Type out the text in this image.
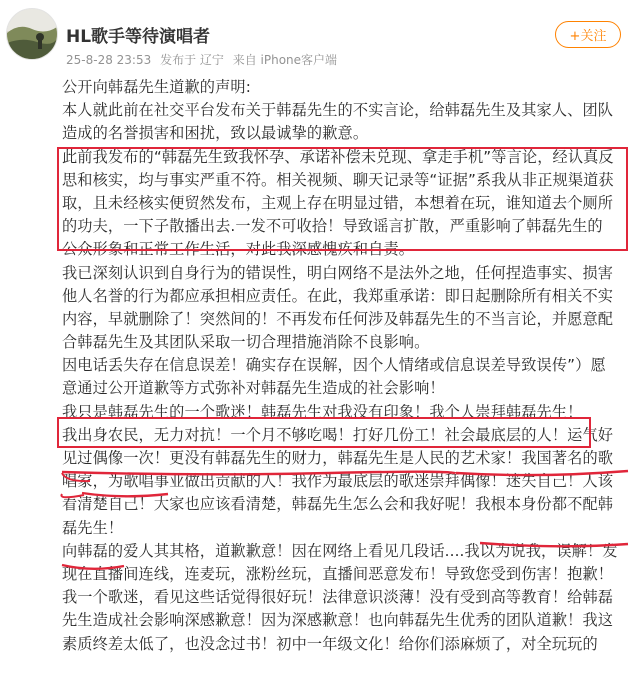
HL歌手等待演唱者
25-8-28 23:53 发布于 辽宁 来自 iPhone客户端
+关注
公开向韩磊先生道歉的声明:
本人就此前在社交平台发布关于韩磊先生的不实言论，给韩磊先生及其家人、团队
造成的名誉损害和困扰，致以最诚挚的歉意。
此前我发布的“韩磊先生致我怀孕、承诺补偿未兑现、拿走手机”等言论，经认真反
思和核实，均与事实严重不符。相关视频、聊天记录等“证据”系我从非正规渠道获
取，且未经核实便贸然发布，主观上存在明显过错，本想着在玩，谁知道去个厕所
的功夫，一下子散播出去.一发不可收拾！导致谣言扩散，严重影响了韩磊先生的
公众形象和正常工作生活，对此我深感愧疚和自责。
我已深刻认识到自身行为的错误性，明白网络不是法外之地，任何捏造事实、损害
他人名誉的行为都应承担相应责任。在此，我郑重承诺：即日起删除所有相关不实
内容，早就删除了！突然间的！不再发布任何涉及韩磊先生的不当言论，并愿意配
合韩磊先生及其团队采取一切合理措施消除不良影响。
因电话丢失存在信息误差！确实存在误解，因个人情绪或信息误差导致误传”）愿
意通过公开道歉等方式弥补对韩磊先生造成的社会影响！
我只是韩磊先生的一个歌迷！韩磊先生对我没有印象！我个人崇拜韩磊先生！
我出身农民，无力对抗！一个月不够吃喝！打好几份工！社会最底层的人！运气好
见过偶像一次！更没有韩磊先生的财力，韩磊先生是人民的艺术家！我国著名的歌
唱家，为歌唱事业做出贡献的人！我作为最底层的歌迷崇拜偶像！迷失自己！人该
看清楚自己！大家也应该看清楚，韩磊先生怎么会和我好呢！我根本身份都不配韩
磊先生！
向韩磊的爱人其其格，道歉歉意！因在网络上看见几段话....我以为说我，误解！发
现在直播间连线，连麦玩，涨粉丝玩，直播间恶意发布！导致您受到伤害！抱歉！
我一个歌迷，看见这些话觉得很好玩！法律意识淡薄！没有受到高等教育！给韩磊
先生造成社会影响深感歉意！因为深感歉意！也向韩磊先生优秀的团队道歉！我这
素质终差太低了，也没念过书！初中一年级文化！给你们添麻烦了，对全玩玩的
